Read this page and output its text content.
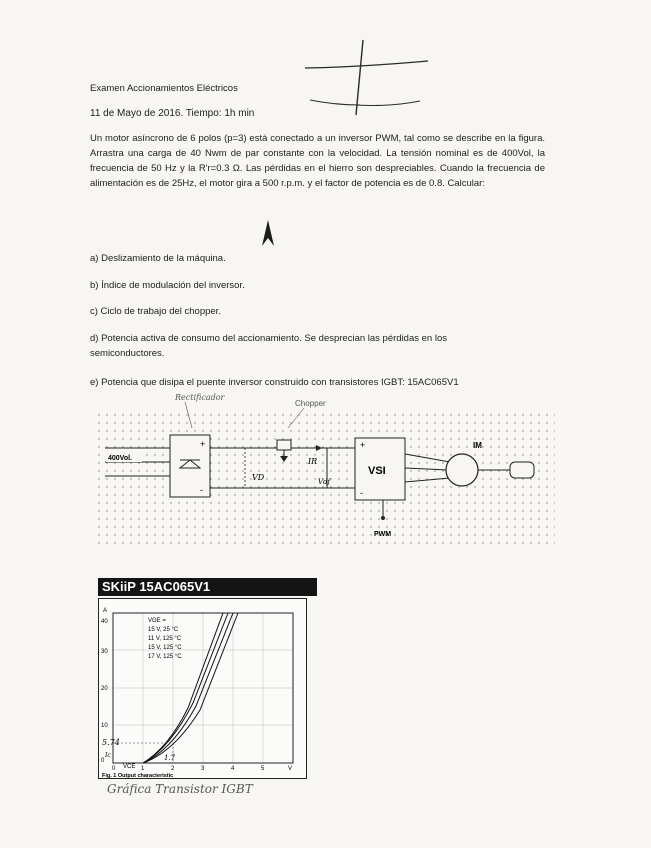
Examen Accionamientos Eléctricos
11 de Mayo de 2016. Tiempo: 1h min
Un motor asíncrono de 6 polos (p=3) está conectado a un inversor PWM, tal como se describe en la figura. Arrastra una carga de 40 Nwm de par constante con la velocidad. La tensión nominal es de 400Vol, la frecuencia de 50 Hz y la R'r=0.3 Ω. Las pérdidas en el hierro son despreciables. Cuando la frecuencia de alimentación es de 25Hz, el motor gira a 500 r.p.m. y el factor de potencia es de 0.8. Calcular:
a) Deslizamiento de la máquina.
b) Índice de modulación del inversor.
c) Ciclo de trabajo del chopper.
d) Potencia activa de consumo del accionamiento. Se desprecian las pérdidas en los semiconductores.
e) Potencia que disipa el puente inversor construido con transistores IGBT: 15AC065V1
Rectificador
Chopper
400Vol.
+
-
VD
IR
Vdf
+
-
VSI
PWM
IM
SKiiP 15AC065V1
VGE =
15 V, 25 °C
11 V, 125 °C
15 V, 125 °C
17 V, 125 °C
A
40
30
20
10
0
5.74
Ic
0	1	2	3	4	5	V
VCE
1.7
Fig. 1 Output characteristic
Gráfica Transistor IGBT
